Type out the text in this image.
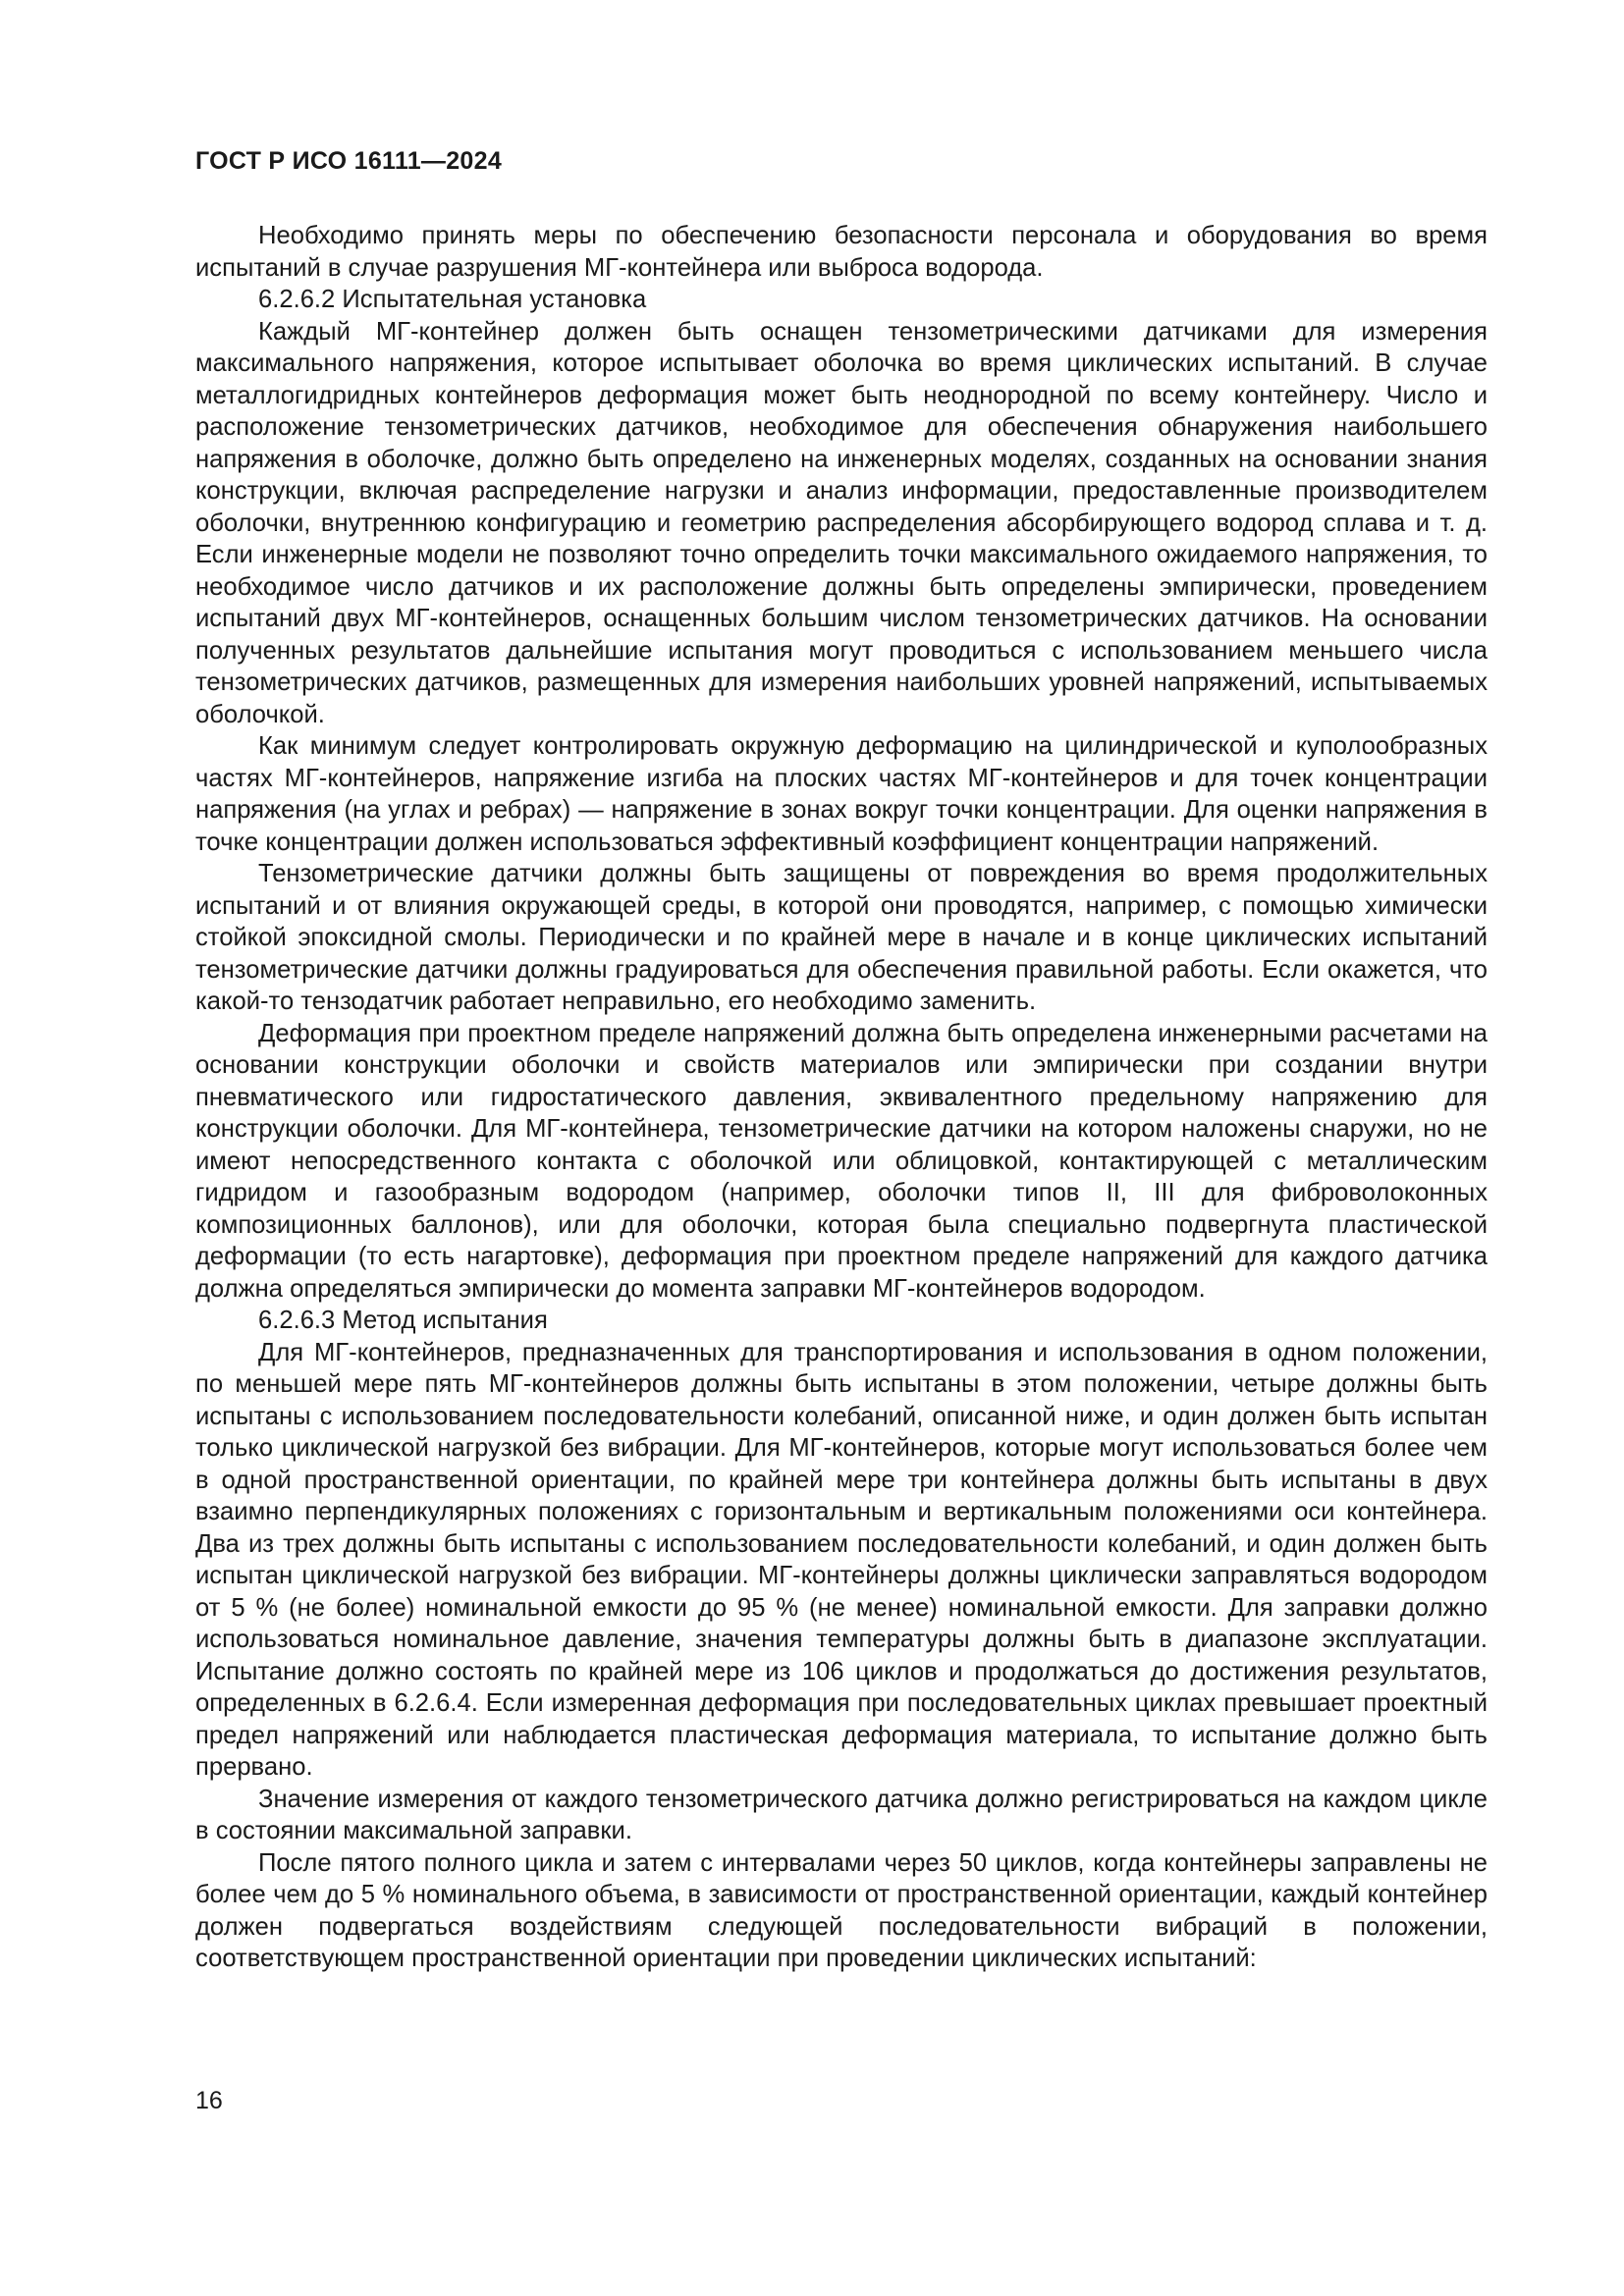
ГОСТ Р ИСО 16111—2024

Необходимо принять меры по обеспечению безопасности персонала и оборудования во время испытаний в случае разрушения МГ-контейнера или выброса водорода.

6.2.6.2 Испытательная установка

Каждый МГ-контейнер должен быть оснащен тензометрическими датчиками для измерения максимального напряжения, которое испытывает оболочка во время циклических испытаний. В случае металлогидридных контейнеров деформация может быть неоднородной по всему контейнеру. Число и расположение тензометрических датчиков, необходимое для обеспечения обнаружения наибольшего напряжения в оболочке, должно быть определено на инженерных моделях, созданных на основании знания конструкции, включая распределение нагрузки и анализ информации, предоставленные производителем оболочки, внутреннюю конфигурацию и геометрию распределения абсорбирующего водород сплава и т. д. Если инженерные модели не позволяют точно определить точки максимального ожидаемого напряжения, то необходимое число датчиков и их расположение должны быть определены эмпирически, проведением испытаний двух МГ-контейнеров, оснащенных большим числом тензометрических датчиков. На основании полученных результатов дальнейшие испытания могут проводиться с использованием меньшего числа тензометрических датчиков, размещенных для измерения наибольших уровней напряжений, испытываемых оболочкой.

Как минимум следует контролировать окружную деформацию на цилиндрической и куполообразных частях МГ-контейнеров, напряжение изгиба на плоских частях МГ-контейнеров и для точек концентрации напряжения (на углах и ребрах) — напряжение в зонах вокруг точки концентрации. Для оценки напряжения в точке концентрации должен использоваться эффективный коэффициент концентрации напряжений.

Тензометрические датчики должны быть защищены от повреждения во время продолжительных испытаний и от влияния окружающей среды, в которой они проводятся, например, с помощью химически стойкой эпоксидной смолы. Периодически и по крайней мере в начале и в конце циклических испытаний тензометрические датчики должны градуироваться для обеспечения правильной работы. Если окажется, что какой-то тензодатчик работает неправильно, его необходимо заменить.

Деформация при проектном пределе напряжений должна быть определена инженерными расчетами на основании конструкции оболочки и свойств материалов или эмпирически при создании внутри пневматического или гидростатического давления, эквивалентного предельному напряжению для конструкции оболочки. Для МГ-контейнера, тензометрические датчики на котором наложены снаружи, но не имеют непосредственного контакта с оболочкой или облицовкой, контактирующей с металлическим гидридом и газообразным водородом (например, оболочки типов II, III для фиброволоконных композиционных баллонов), или для оболочки, которая была специально подвергнута пластической деформации (то есть нагартовке), деформация при проектном пределе напряжений для каждого датчика должна определяться эмпирически до момента заправки МГ-контейнеров водородом.

6.2.6.3 Метод испытания

Для МГ-контейнеров, предназначенных для транспортирования и использования в одном положении, по меньшей мере пять МГ-контейнеров должны быть испытаны в этом положении, четыре должны быть испытаны с использованием последовательности колебаний, описанной ниже, и один должен быть испытан только циклической нагрузкой без вибрации. Для МГ-контейнеров, которые могут использоваться более чем в одной пространственной ориентации, по крайней мере три контейнера должны быть испытаны в двух взаимно перпендикулярных положениях с горизонтальным и вертикальным положениями оси контейнера. Два из трех должны быть испытаны с использованием последовательности колебаний, и один должен быть испытан циклической нагрузкой без вибрации. МГ-контейнеры должны циклически заправляться водородом от 5 % (не более) номинальной емкости до 95 % (не менее) номинальной емкости. Для заправки должно использоваться номинальное давление, значения температуры должны быть в диапазоне эксплуатации. Испытание должно состоять по крайней мере из 106 циклов и продолжаться до достижения результатов, определенных в 6.2.6.4. Если измеренная деформация при последовательных циклах превышает проектный предел напряжений или наблюдается пластическая деформация материала, то испытание должно быть прервано.

Значение измерения от каждого тензометрического датчика должно регистрироваться на каждом цикле в состоянии максимальной заправки.

После пятого полного цикла и затем с интервалами через 50 циклов, когда контейнеры заправлены не более чем до 5 % номинального объема, в зависимости от пространственной ориентации, каждый контейнер должен подвергаться воздействиям следующей последовательности вибраций в положении, соответствующем пространственной ориентации при проведении циклических испытаний:

16
